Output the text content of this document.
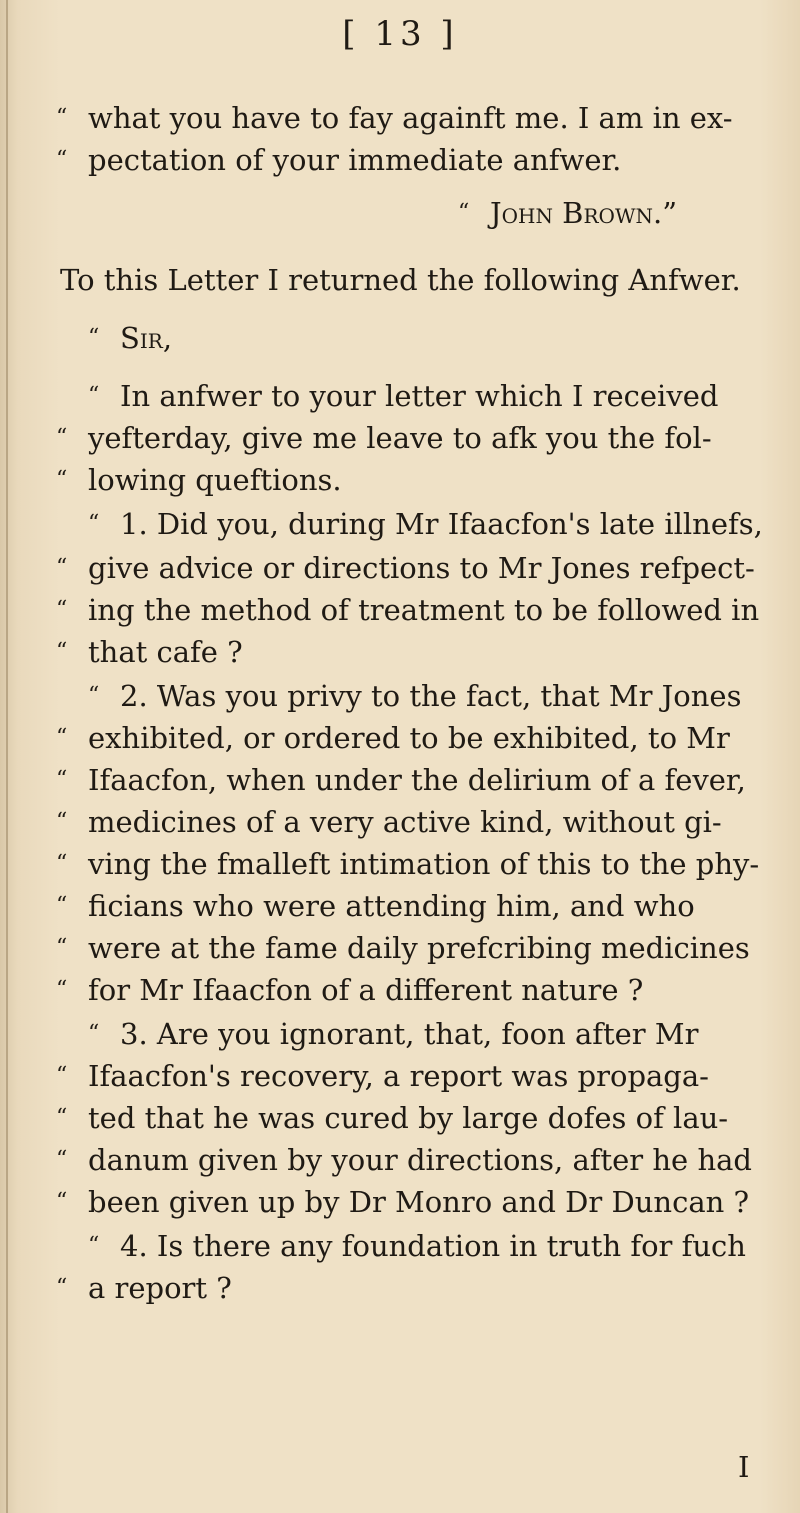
[ 13 ]
“ what you have to fay againft me. I am in ex-
“ pectation of your immediate anfwer.
“ John Brown.”
To this Letter I returned the following Anfwer.
“ Sir,
“ In anfwer to your letter which I received
“ yefterday, give me leave to afk you the fol-
“ lowing queftions.
“ 1. Did you, during Mr Ifaacfon's late illnefs,
“ give advice or directions to Mr Jones refpect-
“ ing the method of treatment to be followed in
“ that cafe ?
“ 2. Was you privy to the fact, that Mr Jones
“ exhibited, or ordered to be exhibited, to Mr
“ Ifaacfon, when under the delirium of a fever,
“ medicines of a very active kind, without gi-
“ ving the fmalleft intimation of this to the phy-
“ ficians who were attending him, and who
“ were at the fame daily prefcribing medicines
“ for Mr Ifaacfon of a different nature ?
“ 3. Are you ignorant, that, foon after Mr
“ Ifaacfon's recovery, a report was propaga-
“ ted that he was cured by large dofes of lau-
“ danum given by your directions, after he had
“ been given up by Dr Monro and Dr Duncan ?
“ 4. Is there any foundation in truth for fuch
“ a report ?
I
